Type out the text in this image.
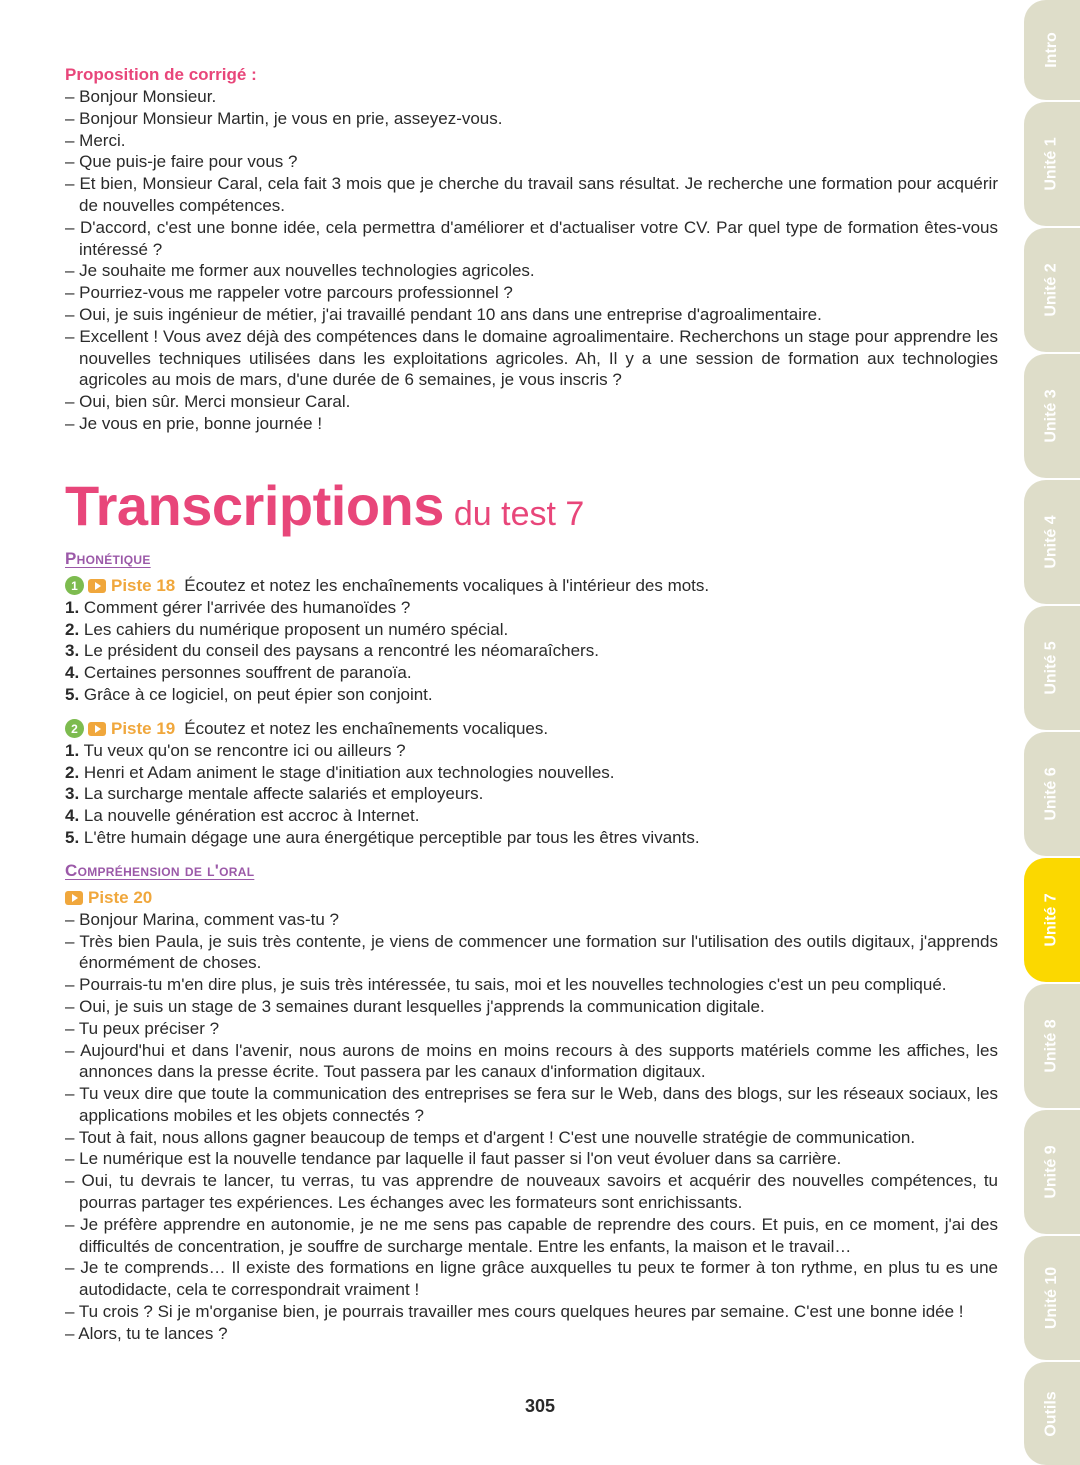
Proposition de corrigé :
– Bonjour Monsieur.
– Bonjour Monsieur Martin, je vous en prie, asseyez-vous.
– Merci.
– Que puis-je faire pour vous ?
– Et bien, Monsieur Caral, cela fait 3 mois que je cherche du travail sans résultat. Je recherche une formation pour acquérir de nouvelles compétences.
– D'accord, c'est une bonne idée, cela permettra d'améliorer et d'actualiser votre CV. Par quel type de formation êtes-vous intéressé ?
– Je souhaite me former aux nouvelles technologies agricoles.
– Pourriez-vous me rappeler votre parcours professionnel ?
– Oui, je suis ingénieur de métier, j'ai travaillé pendant 10 ans dans une entreprise d'agroalimentaire.
– Excellent ! Vous avez déjà des compétences dans le domaine agroalimentaire. Recherchons un stage pour apprendre les nouvelles techniques utilisées dans les exploitations agricoles. Ah, Il y a une session de formation aux technologies agricoles au mois de mars, d'une durée de 6 semaines, je vous inscris ?
– Oui, bien sûr. Merci monsieur Caral.
– Je vous en prie, bonne journée !
Transcriptions du test 7
Phonétique
1	Piste 18 Écoutez et notez les enchaînements vocaliques à l'intérieur des mots.
1. Comment gérer l'arrivée des humanoïdes ?
2. Les cahiers du numérique proposent un numéro spécial.
3. Le président du conseil des paysans a rencontré les néomaraîchers.
4. Certaines personnes souffrent de paranoïa.
5. Grâce à ce logiciel, on peut épier son conjoint.
2	Piste 19 Écoutez et notez les enchaînements vocaliques.
1. Tu veux qu'on se rencontre ici ou ailleurs ?
2. Henri et Adam animent le stage d'initiation aux technologies nouvelles.
3. La surcharge mentale affecte salariés et employeurs.
4. La nouvelle génération est accroc à Internet.
5. L'être humain dégage une aura énergétique perceptible par tous les êtres vivants.
Compréhension de l'oral
Piste 20
– Bonjour Marina, comment vas-tu ?
– Très bien Paula, je suis très contente, je viens de commencer une formation sur l'utilisation des outils digitaux, j'apprends énormément de choses.
– Pourrais-tu m'en dire plus, je suis très intéressée, tu sais, moi et les nouvelles technologies c'est un peu compliqué.
– Oui, je suis un stage de 3 semaines durant lesquelles j'apprends la communication digitale.
– Tu peux préciser ?
– Aujourd'hui et dans l'avenir, nous aurons de moins en moins recours à des supports matériels comme les affiches, les annonces dans la presse écrite. Tout passera par les canaux d'information digitaux.
– Tu veux dire que toute la communication des entreprises se fera sur le Web, dans des blogs, sur les réseaux sociaux, les applications mobiles et les objets connectés ?
– Tout à fait, nous allons gagner beaucoup de temps et d'argent ! C'est une nouvelle stratégie de communication.
– Le numérique est la nouvelle tendance par laquelle il faut passer si l'on veut évoluer dans sa carrière.
– Oui, tu devrais te lancer, tu verras, tu vas apprendre de nouveaux savoirs et acquérir des nouvelles compétences, tu pourras partager tes expériences. Les échanges avec les formateurs sont enrichissants.
– Je préfère apprendre en autonomie, je ne me sens pas capable de reprendre des cours. Et puis, en ce moment, j'ai des difficultés de concentration, je souffre de surcharge mentale. Entre les enfants, la maison et le travail…
– Je te comprends… Il existe des formations en ligne grâce auxquelles tu peux te former à ton rythme, en plus tu es une autodidacte, cela te correspondrait vraiment !
– Tu crois ? Si je m'organise bien, je pourrais travailler mes cours quelques heures par semaine. C'est une bonne idée !
– Alors, tu te lances ?
305
Intro
Unité 1
Unité 2
Unité 3
Unité 4
Unité 5
Unité 6
Unité 7
Unité 8
Unité 9
Unité 10
Outils
